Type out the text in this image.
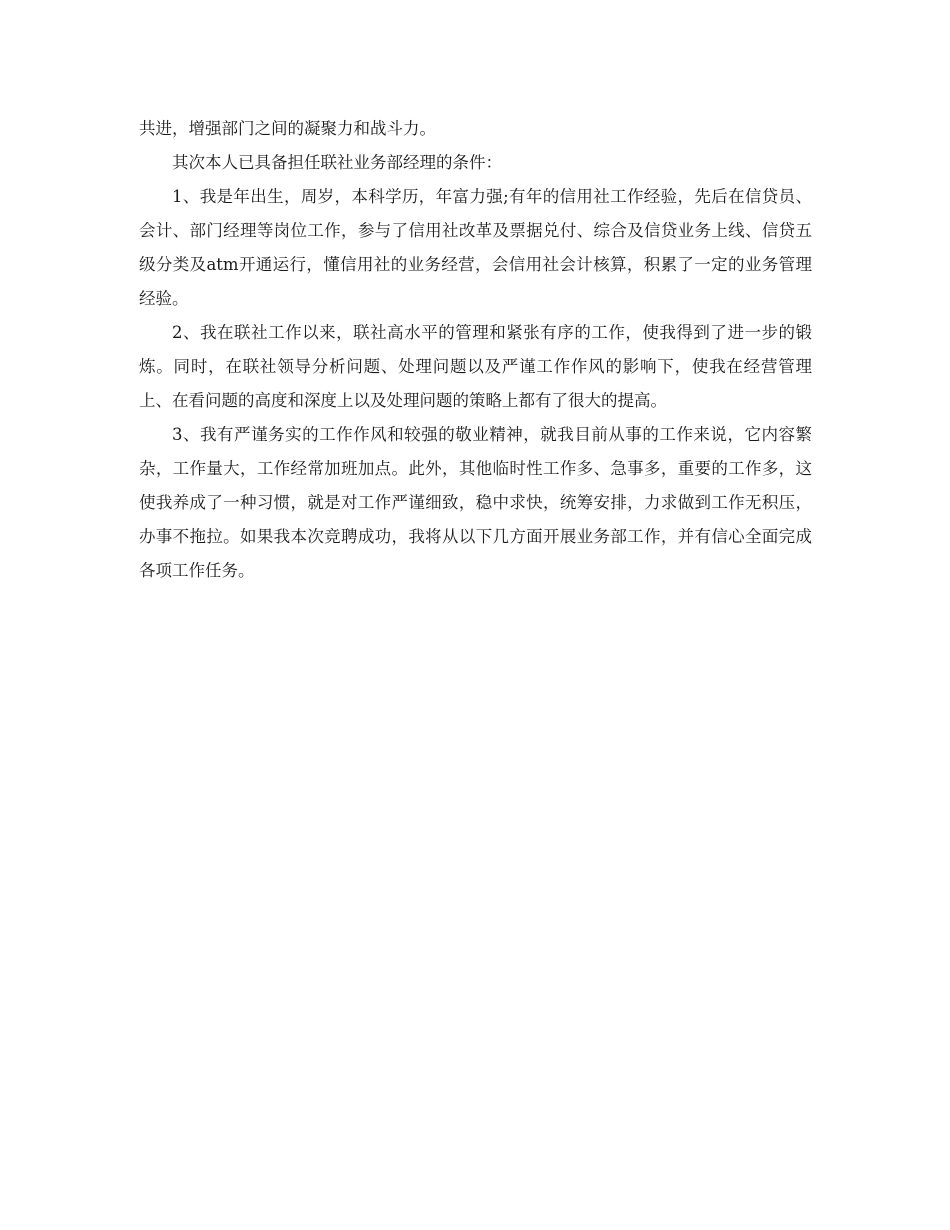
共进，增强部门之间的凝聚力和战斗力。

其次本人已具备担任联社业务部经理的条件：

1、我是年出生，周岁，本科学历，年富力强;有年的信用社工作经验，先后在信贷员、会计、部门经理等岗位工作，参与了信用社改革及票据兑付、综合及信贷业务上线、信贷五级分类及atm开通运行，懂信用社的业务经营，会信用社会计核算，积累了一定的业务管理经验。

2、我在联社工作以来，联社高水平的管理和紧张有序的工作，使我得到了进一步的锻炼。同时，在联社领导分析问题、处理问题以及严谨工作作风的影响下，使我在经营管理上、在看问题的高度和深度上以及处理问题的策略上都有了很大的提高。

3、我有严谨务实的工作作风和较强的敬业精神，就我目前从事的工作来说，它内容繁杂，工作量大，工作经常加班加点。此外，其他临时性工作多、急事多，重要的工作多，这使我养成了一种习惯，就是对工作严谨细致，稳中求快，统筹安排，力求做到工作无积压，办事不拖拉。如果我本次竞聘成功，我将从以下几方面开展业务部工作，并有信心全面完成各项工作任务。
